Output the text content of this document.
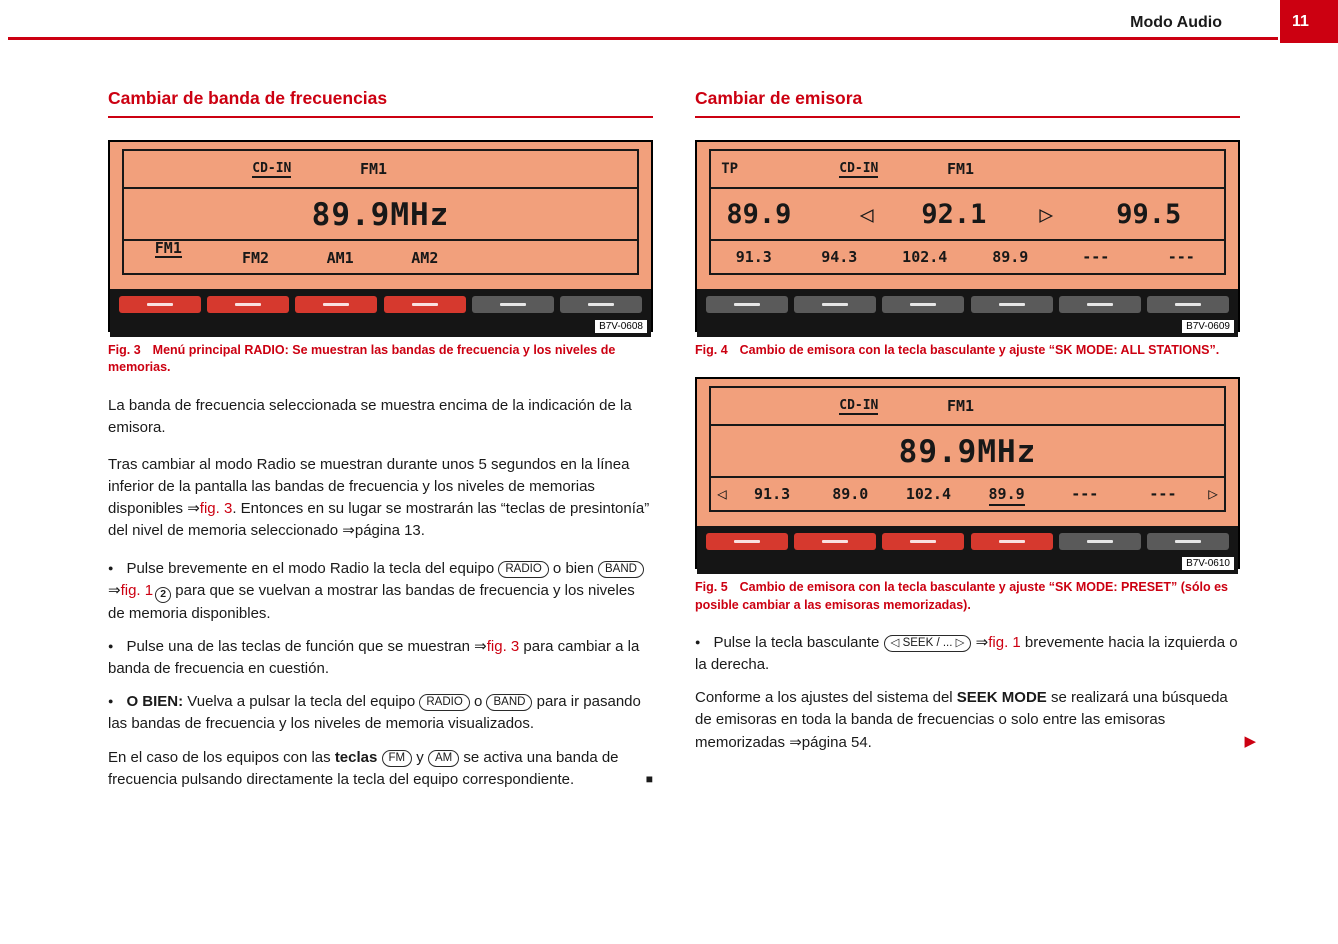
Modo Audio	11
Cambiar de banda de frecuencias
CD-IN	FM1
89.9MHz
FM1
FM2	AM1	AM2
B7V-0608

Fig. 3 Menú principal RADIO: Se muestran las bandas de frecuencia y los niveles de memorias.

La banda de frecuencia seleccionada se muestra encima de la indicación de la emisora.

Tras cambiar al modo Radio se muestran durante unos 5 segundos en la línea inferior de la pantalla las bandas de frecuencia y los niveles de memorias disponibles ⇒fig. 3. Entonces en su lugar se mostrarán las “teclas de presintonía” del nivel de memoria seleccionado ⇒página 13.

● Pulse brevemente en el modo Radio la tecla del equipo RADIO o bien BAND ⇒fig. 1 2 para que se vuelvan a mostrar las bandas de frecuencia y los niveles de memoria disponibles.

● Pulse una de las teclas de función que se muestran ⇒fig. 3 para cambiar a la banda de frecuencia en cuestión.

● O BIEN: Vuelva a pulsar la tecla del equipo RADIO o BAND para ir pasando las bandas de frecuencia y los niveles de memoria visualizados.

En el caso de los equipos con las teclas FM y AM se activa una banda de frecuencia pulsando directamente la tecla del equipo correspondiente.	■

Cambiar de emisora
TP	CD-IN	FM1
89.9	◁ 92.1 ▷ 99.5
91.3	94.3	102.4	89.9	---	---
B7V-0609

Fig. 4 Cambio de emisora con la tecla basculante y ajuste “SK MODE: ALL STATIONS”.

CD-IN	FM1
89.9MHz
◁	91.3	89.0	102.4	89.9	---	---	▷
B7V-0610

Fig. 5 Cambio de emisora con la tecla basculante y ajuste “SK MODE: PRESET” (sólo es posible cambiar a las emisoras memorizadas).

● Pulse la tecla basculante ◁ SEEK / ... ▷ ⇒fig. 1 brevemente hacia la izquierda o la derecha.

Conforme a los ajustes del sistema del SEEK MODE se realizará una búsqueda de emisoras en toda la banda de frecuencias o solo entre las emisoras memorizadas ⇒página 54.	▶
